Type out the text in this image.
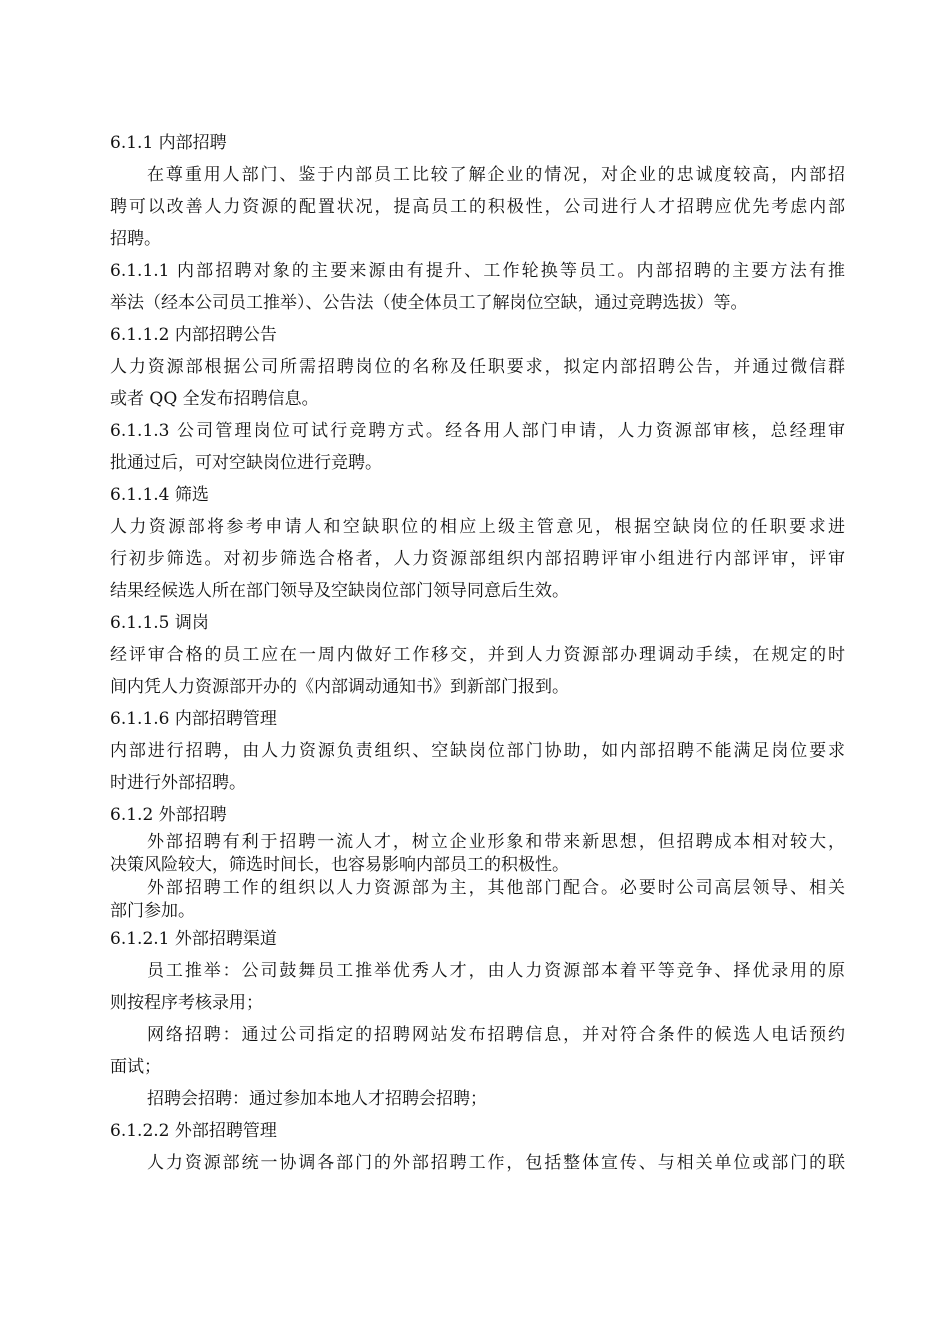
6.1.1 内部招聘
在尊重用人部门、鉴于内部员工比较了解企业的情况，对企业的忠诚度较高，内部招
聘可以改善人力资源的配置状况，提高员工的积极性，公司进行人才招聘应优先考虑内部
招聘。
6.1.1.1 内部招聘对象的主要来源由有提升、工作轮换等员工。内部招聘的主要方法有推
举法（经本公司员工推举）、公告法（使全体员工了解岗位空缺，通过竞聘选拔）等。
6.1.1.2 内部招聘公告
人力资源部根据公司所需招聘岗位的名称及任职要求，拟定内部招聘公告，并通过微信群
或者 QQ 全发布招聘信息。
6.1.1.3 公司管理岗位可试行竞聘方式。经各用人部门申请，人力资源部审核，总经理审
批通过后，可对空缺岗位进行竞聘。
6.1.1.4 筛选
人力资源部将参考申请人和空缺职位的相应上级主管意见，根据空缺岗位的任职要求进
行初步筛选。对初步筛选合格者，人力资源部组织内部招聘评审小组进行内部评审，评审
结果经候选人所在部门领导及空缺岗位部门领导同意后生效。
6.1.1.5 调岗
经评审合格的员工应在一周内做好工作移交，并到人力资源部办理调动手续，在规定的时
间内凭人力资源部开办的《内部调动通知书》到新部门报到。
6.1.1.6 内部招聘管理
内部进行招聘，由人力资源负责组织、空缺岗位部门协助，如内部招聘不能满足岗位要求
时进行外部招聘。
6.1.2 外部招聘
外部招聘有利于招聘一流人才，树立企业形象和带来新思想，但招聘成本相对较大，
决策风险较大，筛选时间长，也容易影响内部员工的积极性。
外部招聘工作的组织以人力资源部为主，其他部门配合。必要时公司高层领导、相关
部门参加。
6.1.2.1 外部招聘渠道
员工推举：公司鼓舞员工推举优秀人才，由人力资源部本着平等竞争、择优录用的原
则按程序考核录用；
网络招聘：通过公司指定的招聘网站发布招聘信息，并对符合条件的候选人电话预约
面试；
招聘会招聘：通过参加本地人才招聘会招聘；
6.1.2.2 外部招聘管理
人力资源部统一协调各部门的外部招聘工作，包括整体宣传、与相关单位或部门的联
